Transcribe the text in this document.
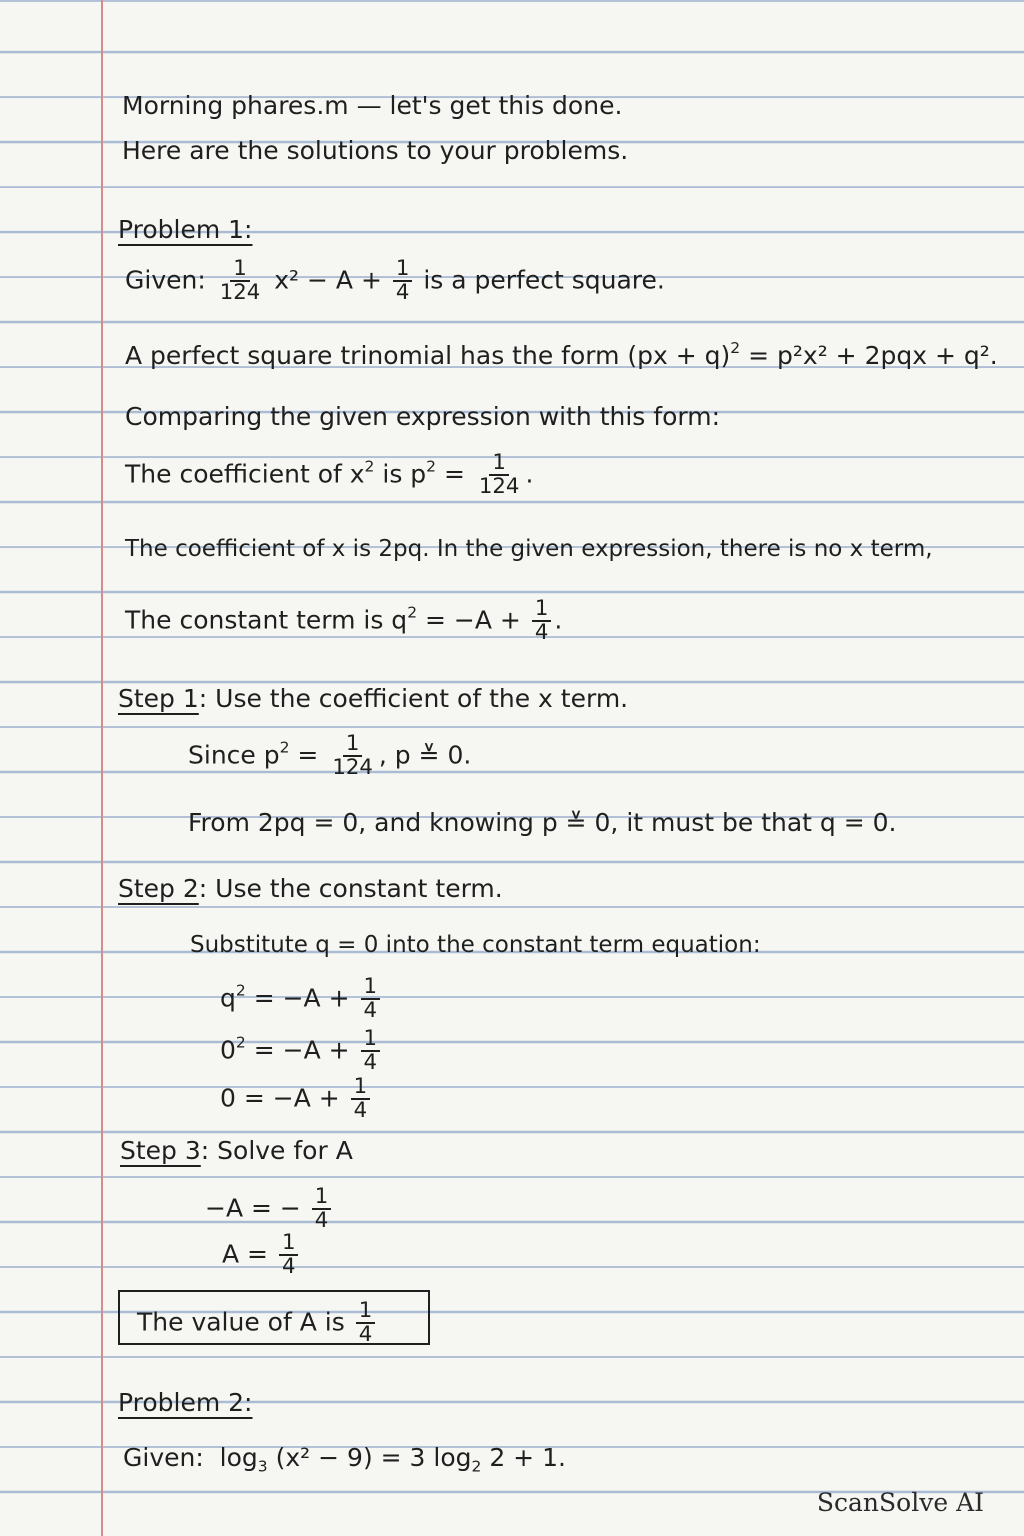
Morning phares.m — let's get this done.
Here are the solutions to your problems.
Problem 1:
Given: $\frac{1}{124} x^2 - A + \frac{1}{4}$ is a perfect square.
A perfect square trinomial has the form (px + q)$^2$ = p²x² + 2pqx + q².
Comparing the given expression with this form:
The coefficient of $x^2$ is $p^2 = \frac{1}{124}$ .
The coefficient of x is 2pq. In the given expression, there is no x term,
The constant term is $q^2 = -A + \frac{1}{4}$ .
Step 1: Use the coefficient of the x term.
Since $p^2 = \frac{1}{124}$ , p ≚ 0.
From 2pq = 0, and knowing p ≚ 0, it must be that q = 0.
Step 2: Use the constant term.
Substitute q = 0 into the constant term equation:
$q^2 = -A + \frac{1}{4}$
$0^2 = -A + \frac{1}{4}$
$0 = -A + \frac{1}{4}$
Step 3: Solve for A
−A = − $\frac{1}{4}$
$A = \frac{1}{4}$
The value of A is $\frac{1}{4}$
Problem 2:
Given: $\log_3 (x^2 - 9) = 3$ $\log_2 2 + 1$.
ScanSolve AI
